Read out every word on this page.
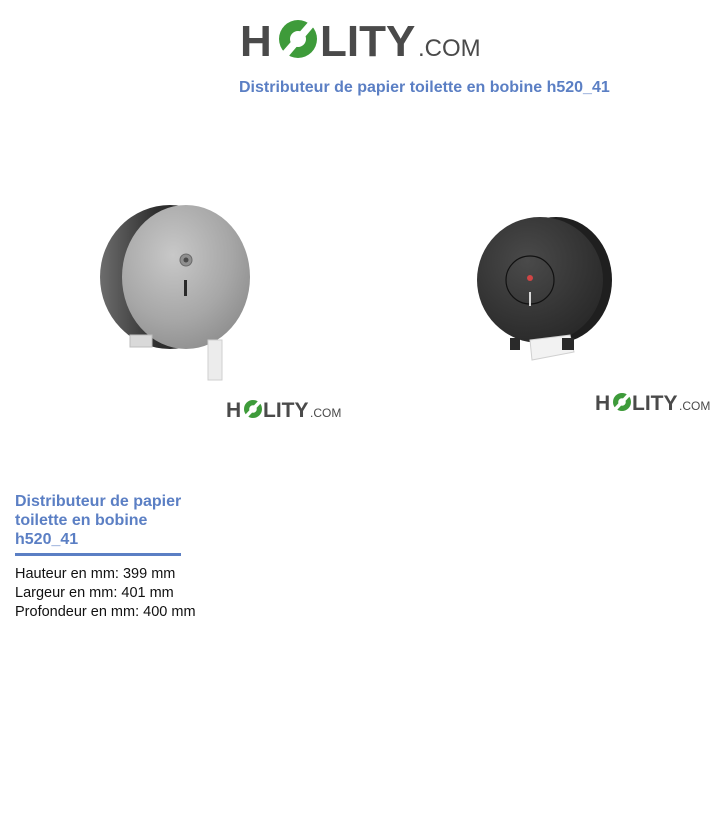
H LITY .COM
Distributeur de papier toilette en bobine h520_41
H LITY .COM	H LITY .COM
Distributeur de papier toilette en bobine h520_41
Hauteur en mm: 399 mm
Largeur en mm: 401 mm
Profondeur en mm: 400 mm
